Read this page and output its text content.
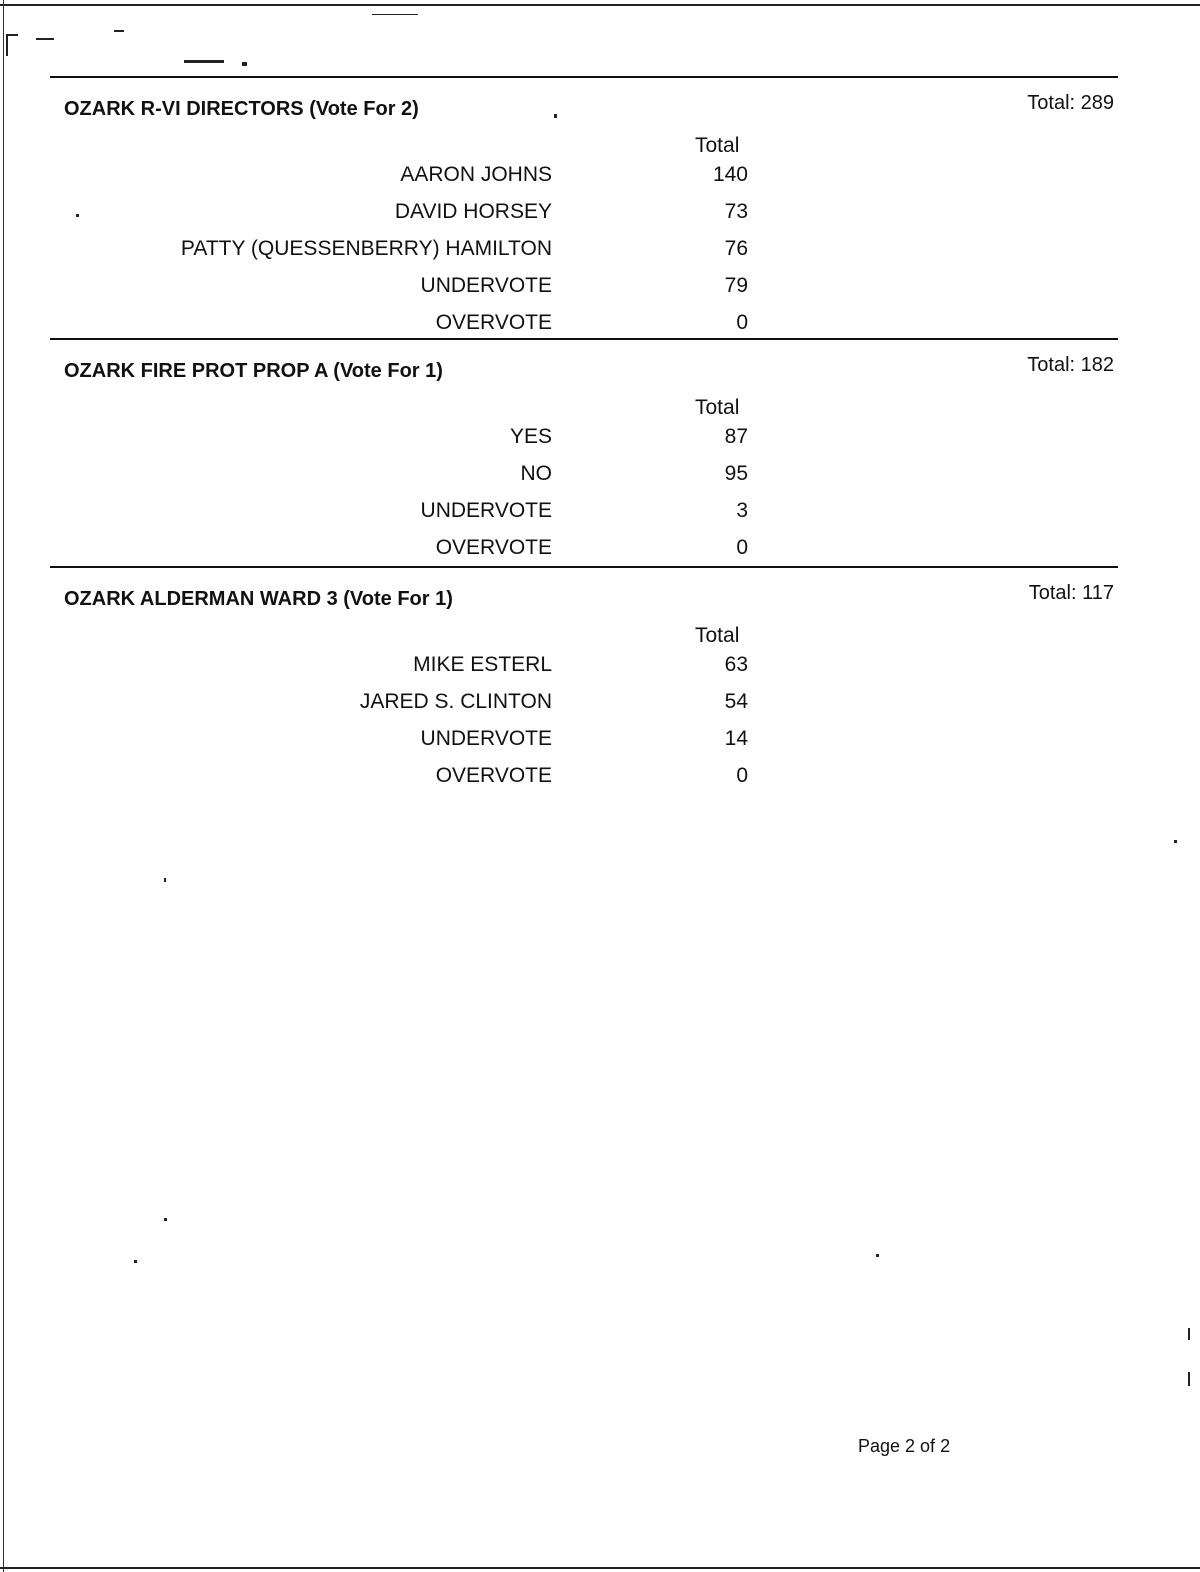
OZARK R-VI DIRECTORS (Vote For 2)	Total: 289
Total
AARON JOHNS	140
DAVID HORSEY	73
PATTY (QUESSENBERRY) HAMILTON	76
UNDERVOTE	79
OVERVOTE	0
OZARK FIRE PROT PROP A (Vote For 1)	Total: 182
Total
YES	87
NO	95
UNDERVOTE	3
OVERVOTE	0
OZARK ALDERMAN WARD 3 (Vote For 1)	Total: 117
Total
MIKE ESTERL	63
JARED S. CLINTON	54
UNDERVOTE	14
OVERVOTE	0
Page 2 of 2
